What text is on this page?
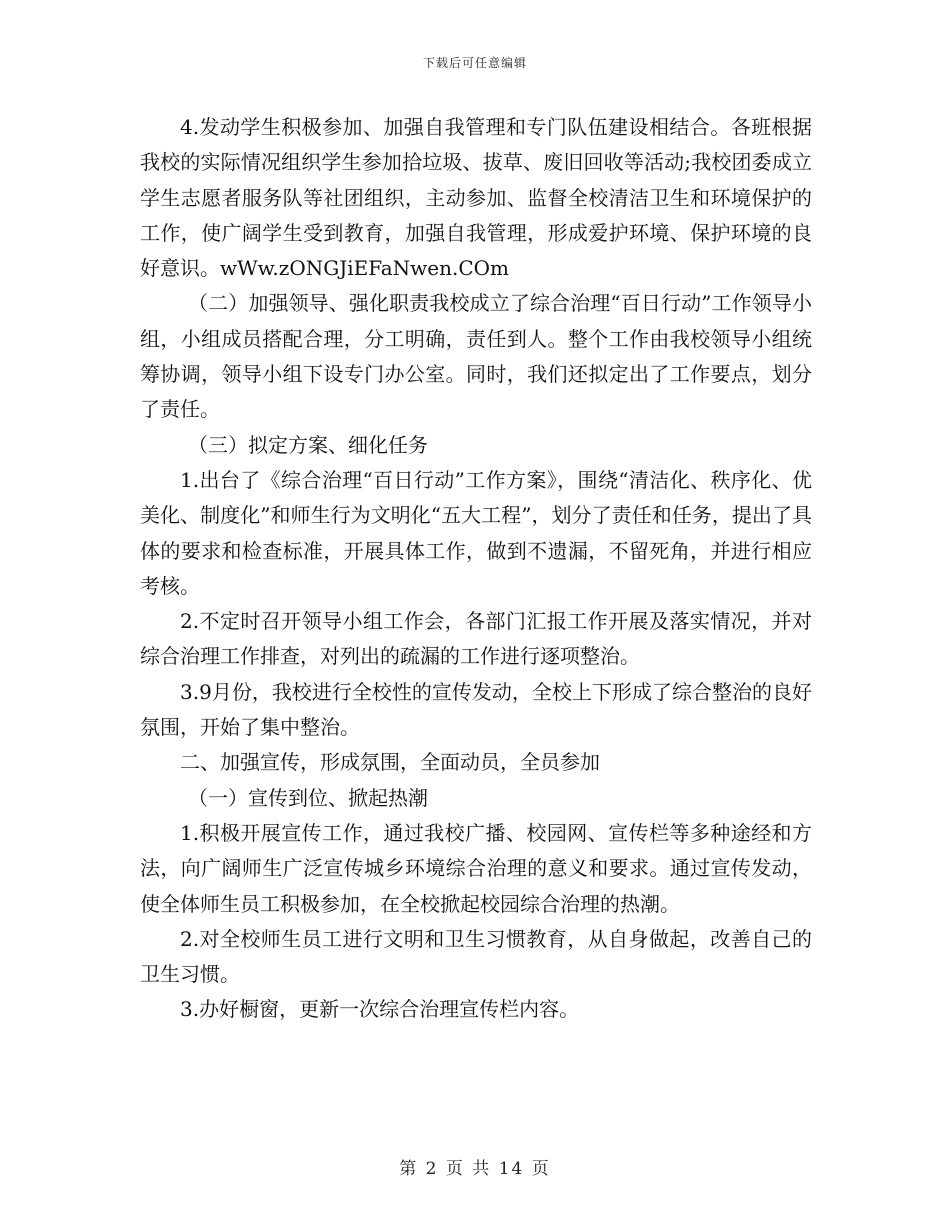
下载后可任意编辑

4.发动学生积极参加、加强自我管理和专门队伍建设相结合。各班根据我校的实际情况组织学生参加拾垃圾、拔草、废旧回收等活动;我校团委成立学生志愿者服务队等社团组织，主动参加、监督全校清洁卫生和环境保护的工作，使广阔学生受到教育，加强自我管理，形成爱护环境、保护环境的良好意识。wWw.zONGJiEFaNwen.COm

（二）加强领导、强化职责我校成立了综合治理“百日行动”工作领导小组，小组成员搭配合理，分工明确，责任到人。整个工作由我校领导小组统筹协调，领导小组下设专门办公室。同时，我们还拟定出了工作要点，划分了责任。

（三）拟定方案、细化任务

1.出台了《综合治理“百日行动”工作方案》，围绕“清洁化、秩序化、优美化、制度化”和师生行为文明化“五大工程”，划分了责任和任务，提出了具体的要求和检查标准，开展具体工作，做到不遗漏，不留死角，并进行相应考核。

2.不定时召开领导小组工作会，各部门汇报工作开展及落实情况，并对综合治理工作排查，对列出的疏漏的工作进行逐项整治。

3.9月份，我校进行全校性的宣传发动，全校上下形成了综合整治的良好氛围，开始了集中整治。

二、加强宣传，形成氛围，全面动员，全员参加

（一）宣传到位、掀起热潮

1.积极开展宣传工作，通过我校广播、校园网、宣传栏等多种途经和方法，向广阔师生广泛宣传城乡环境综合治理的意义和要求。通过宣传发动，使全体师生员工积极参加，在全校掀起校园综合治理的热潮。

2.对全校师生员工进行文明和卫生习惯教育，从自身做起，改善自己的卫生习惯。

3.办好橱窗，更新一次综合治理宣传栏内容。

第 2 页 共 14 页
